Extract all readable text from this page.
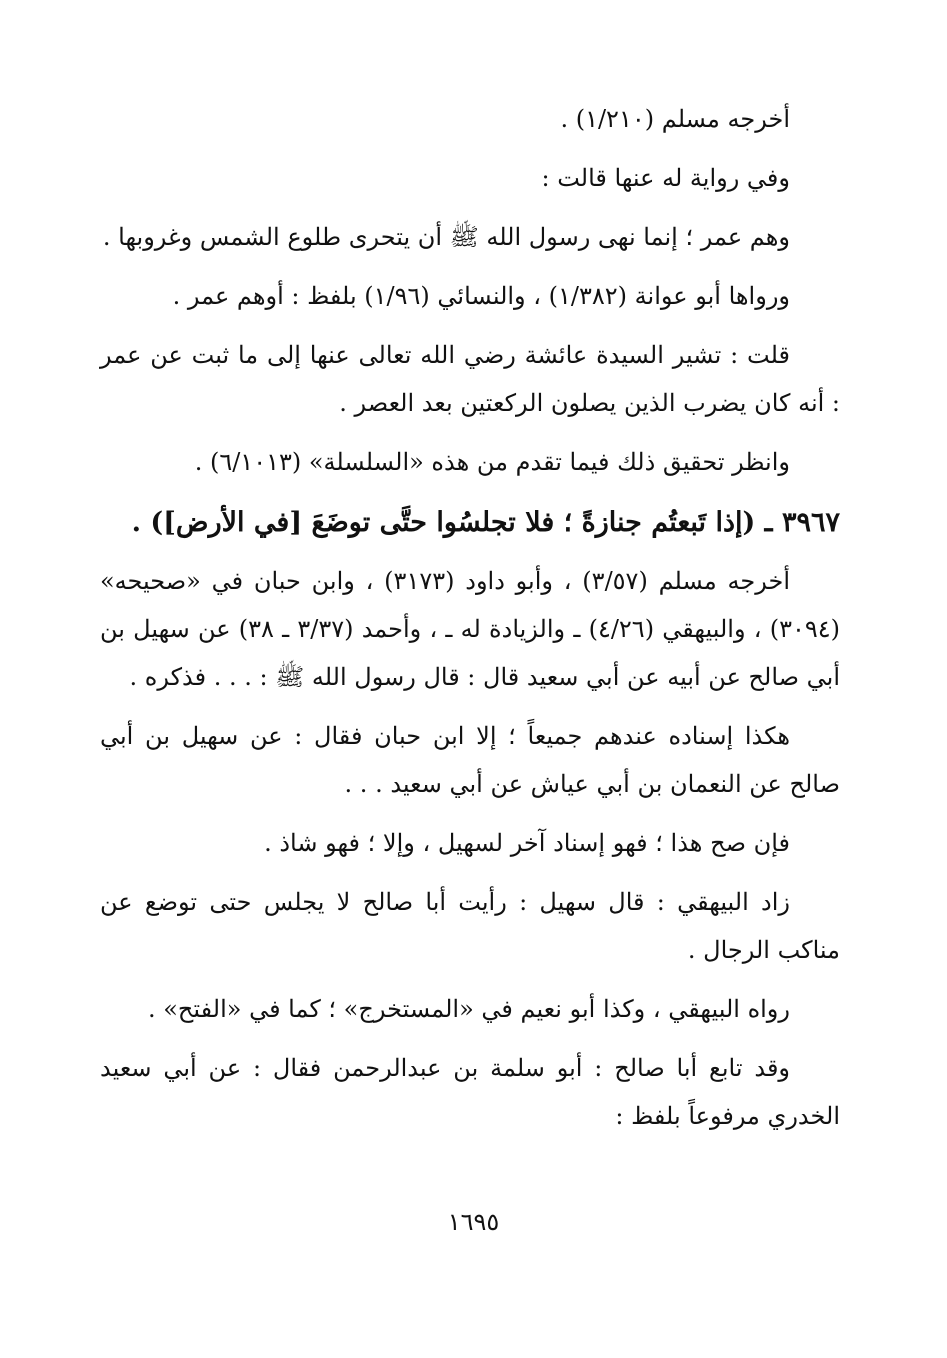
أخرجه مسلم (١/٢١٠) .

وفي رواية له عنها قالت :

وهم عمر ؛ إنما نهى رسول الله ﷺ أن يتحرى طلوع الشمس وغروبها .

ورواها أبو عوانة (١/٣٨٢) ، والنسائي (١/٩٦) بلفظ : أوهم عمر .

قلت : تشير السيدة عائشة رضي الله تعالى عنها إلى ما ثبت عن عمر : أنه كان يضرب الذين يصلون الركعتين بعد العصر .

وانظر تحقيق ذلك فيما تقدم من هذه «السلسلة» (٦/١٠١٣) .

٣٩٦٧ ـ (إذا تَبعتُم جنازةً ؛ فلا تجلسُوا حتَّى توضَعَ [في الأرض]) .

أخرجه مسلم (٣/٥٧) ، وأبو داود (٣١٧٣) ، وابن حبان في «صحيحه» (٣٠٩٤) ، والبيهقي (٤/٢٦) ـ والزيادة له ـ ، وأحمد (٣/٣٧ ـ ٣٨) عن سهيل بن أبي صالح عن أبيه عن أبي سعيد قال : قال رسول الله ﷺ : . . . فذكره .

هكذا إسناده عندهم جميعاً ؛ إلا ابن حبان فقال : عن سهيل بن أبي صالح عن النعمان بن أبي عياش عن أبي سعيد . . .

فإن صح هذا ؛ فهو إسناد آخر لسهيل ، وإلا ؛ فهو شاذ .

زاد البيهقي : قال سهيل : رأيت أبا صالح لا يجلس حتى توضع عن مناكب الرجال .

رواه البيهقي ، وكذا أبو نعيم في «المستخرج» ؛ كما في «الفتح» .

وقد تابع أبا صالح : أبو سلمة بن عبدالرحمن فقال : عن أبي سعيد الخدري مرفوعاً بلفظ :

١٦٩٥
